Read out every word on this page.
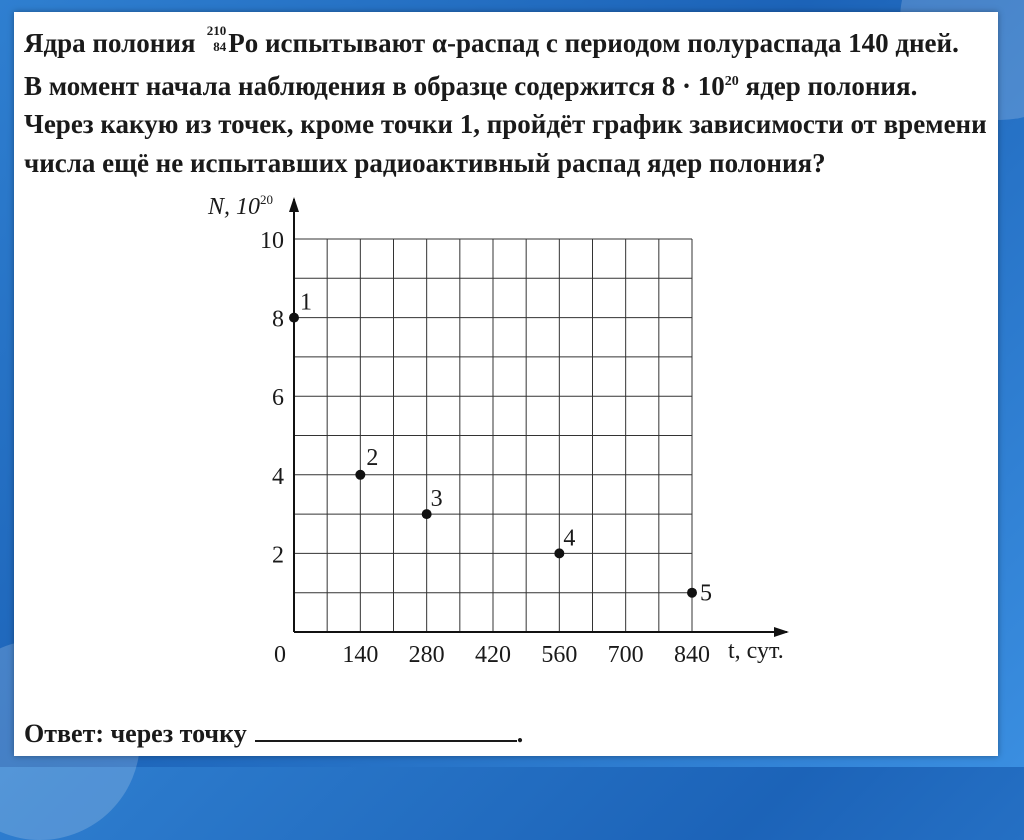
Ядра полония 210
84 Po испытывают α-распад с периодом полураспада 140 дней.
В момент начала наблюдения в образце содержится $8 \cdot 10^{20}$ ядер полония.
Через какую из точек, кроме точки 1, пройдёт график зависимости от времени
числа ещё не испытавших радиоактивный распад ядер полония?
140 280 420 560 700 840
2
4
6
8
10
1
2
3
4
5
N, $10^{20}$
t, сут.
0
Ответ: через точку	.
